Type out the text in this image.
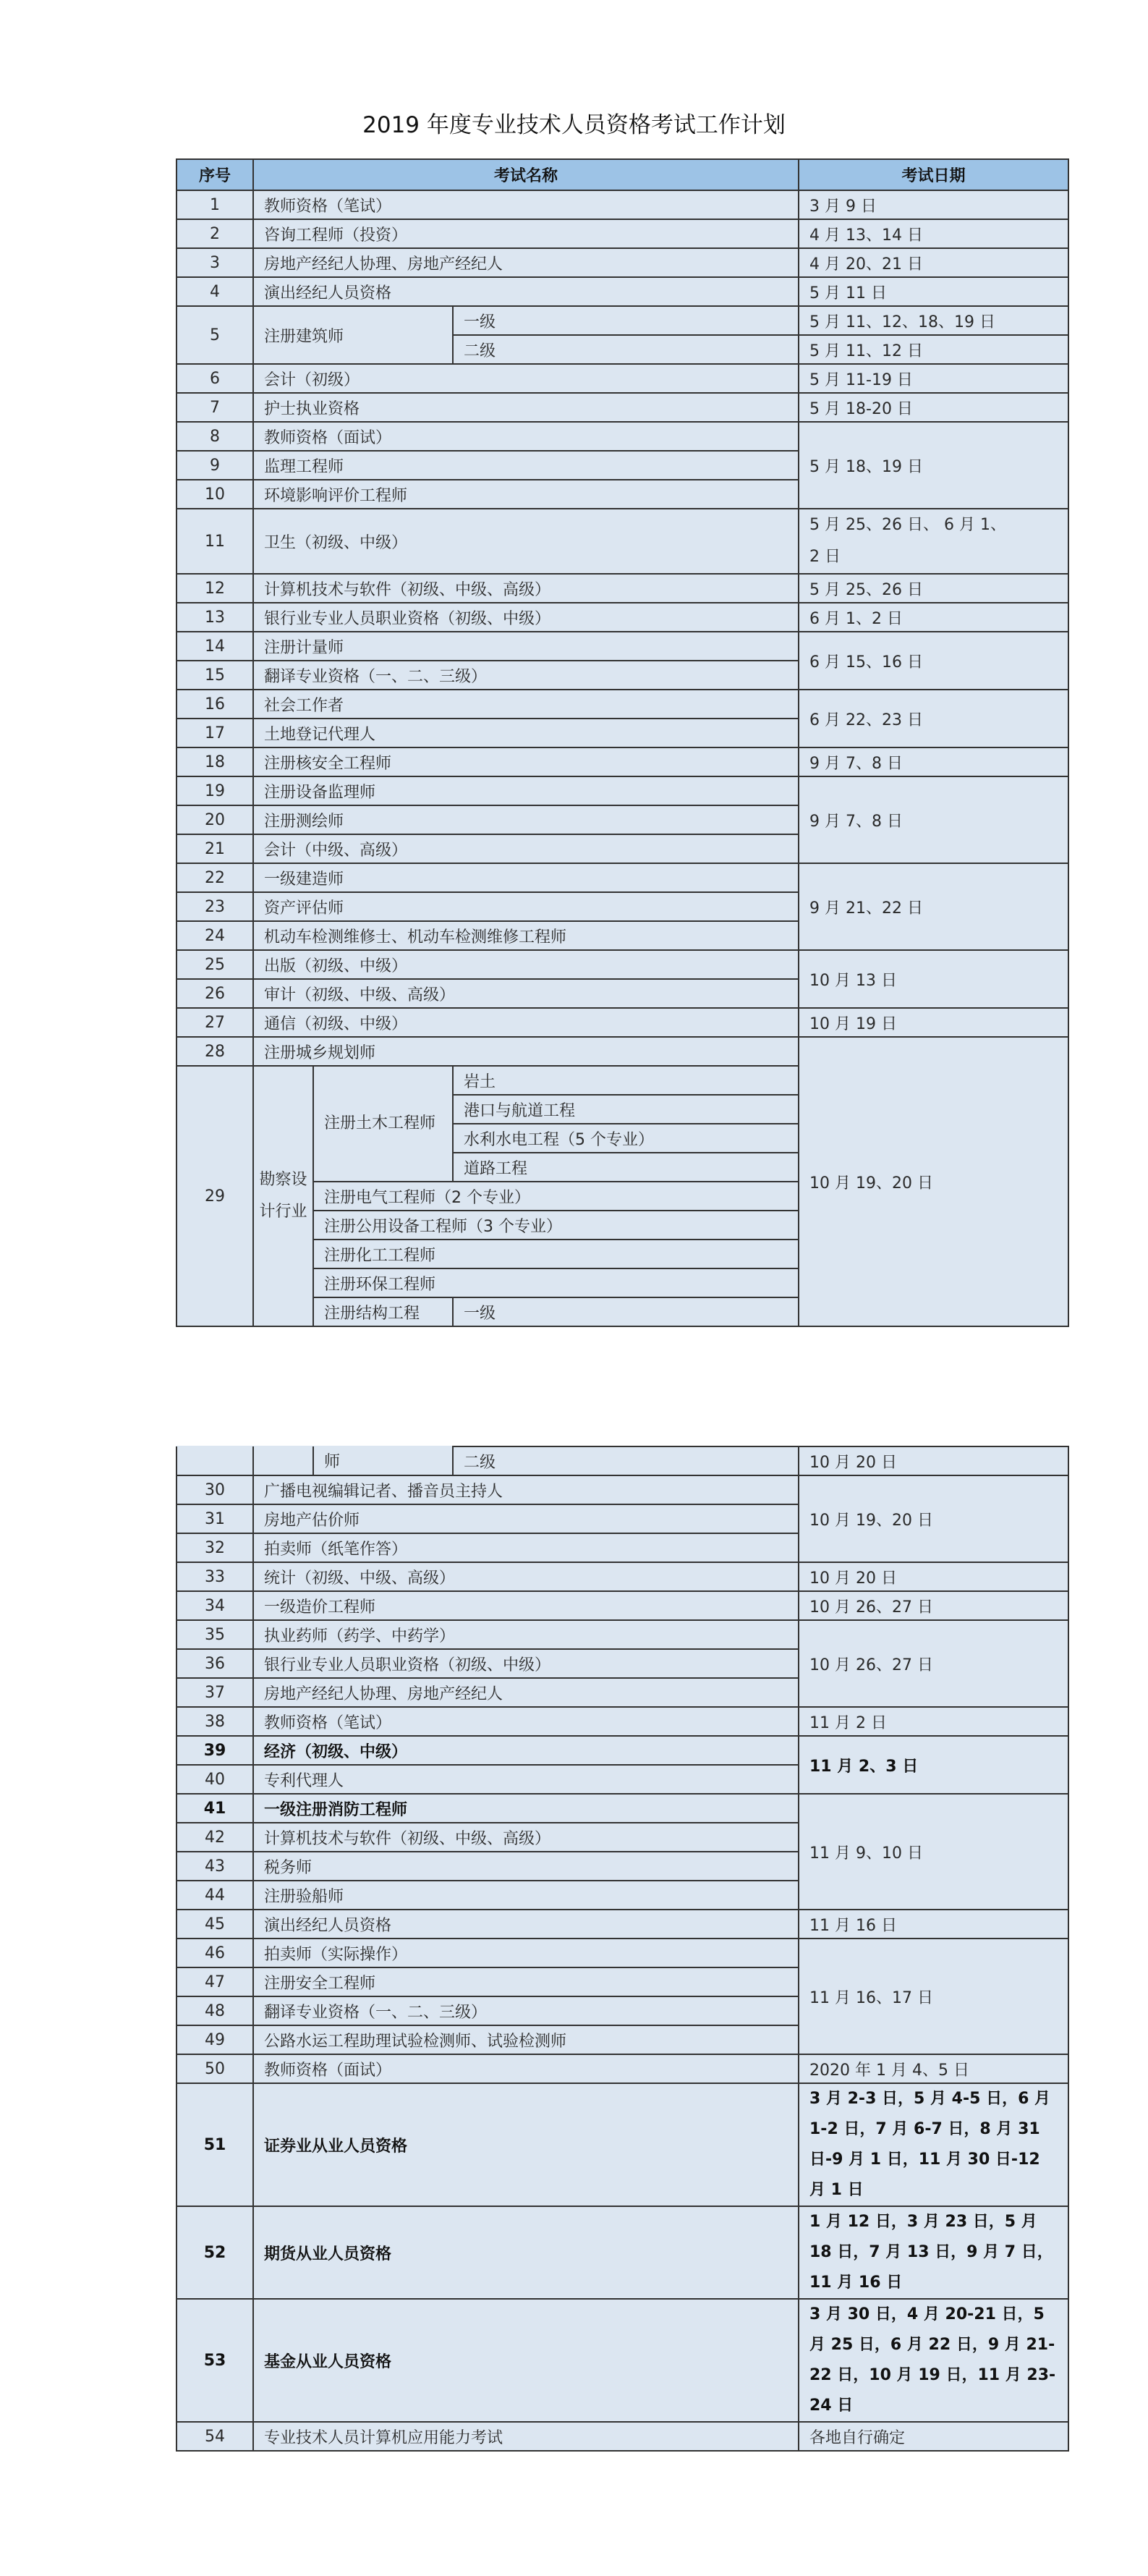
2019 年度专业技术人员资格考试工作计划
序号	考试名称			考试日期
1	教师资格（笔试）			3 月 9 日
2	咨询工程师（投资）			4 月 13、14 日
3	房地产经纪人协理、房地产经纪人			4 月 20、21 日
4	演出经纪人员资格			5 月 11 日
5	注册建筑师		一级	5 月 11、12、18、19 日
			二级	5 月 11、12 日
6	会计（初级）			5 月 11-19 日
7	护士执业资格			5 月 18-20 日
8	教师资格（面试）			5 月 18、19 日
9	监理工程师			
10	环境影响评价工程师			
11	卫生（初级、中级）			5 月 25、26 日、 6 月 1、2 日
12	计算机技术与软件（初级、中级、高级）			5 月 25、26 日
13	银行业专业人员职业资格（初级、中级）			6 月 1、2 日
14	注册计量师			6 月 15、16 日
15	翻译专业资格（一、二、三级）			
16	社会工作者			6 月 22、23 日
17	土地登记代理人			
18	注册核安全工程师			9 月 7、8 日
19	注册设备监理师			9 月 7、8 日
20	注册测绘师			
21	会计（中级、高级）			
22	一级建造师			9 月 21、22 日
23	资产评估师			
24	机动车检测维修士、机动车检测维修工程师			
25	出版（初级、中级）			10 月 13 日
26	审计（初级、中级、高级）			
27	通信（初级、中级）			10 月 19 日
28	注册城乡规划师			10 月 19、20 日
29	勘察设计行业	注册土木工程师	岩土	
			港口与航道工程	
			水利水电工程（5 个专业）	
			道路工程	
		注册电气工程师（2 个专业）		
		注册公用设备工程师（3 个专业）		
		注册化工工程师		
		注册环保工程师		
		注册结构工程	一级	
		师	二级	10 月 20 日
30	广播电视编辑记者、播音员主持人			10 月 19、20 日
31	房地产估价师			
32	拍卖师（纸笔作答）			
33	统计（初级、中级、高级）			10 月 20 日
34	一级造价工程师			10 月 26、27 日
35	执业药师（药学、中药学）			10 月 26、27 日
36	银行业专业人员职业资格（初级、中级）			
37	房地产经纪人协理、房地产经纪人			
38	教师资格（笔试）			11 月 2 日
39	经济（初级、中级）			11 月 2、3 日
40	专利代理人			
41	一级注册消防工程师			11 月 9、10 日
42	计算机技术与软件（初级、中级、高级）			
43	税务师			
44	注册验船师			
45	演出经纪人员资格			11 月 16 日
46	拍卖师（实际操作）			11 月 16、17 日
47	注册安全工程师			
48	翻译专业资格（一、二、三级）			
49	公路水运工程助理试验检测师、试验检测师			
50	教师资格（面试）			2020 年 1 月 4、5 日
51	证券业从业人员资格			3 月 2-3 日，5 月 4-5 日，6 月 1-2 日，7 月 6-7 日，8 月 31 日-9 月 1 日，11 月 30 日-12 月 1 日
52	期货从业人员资格			1 月 12 日，3 月 23 日，5 月 18 日，7 月 13 日，9 月 7 日，11 月 16 日
53	基金从业人员资格			3 月 30 日，4 月 20-21 日，5 月 25 日，6 月 22 日，9 月 21-22 日，10 月 19 日，11 月 23-24 日
54	专业技术人员计算机应用能力考试			各地自行确定
